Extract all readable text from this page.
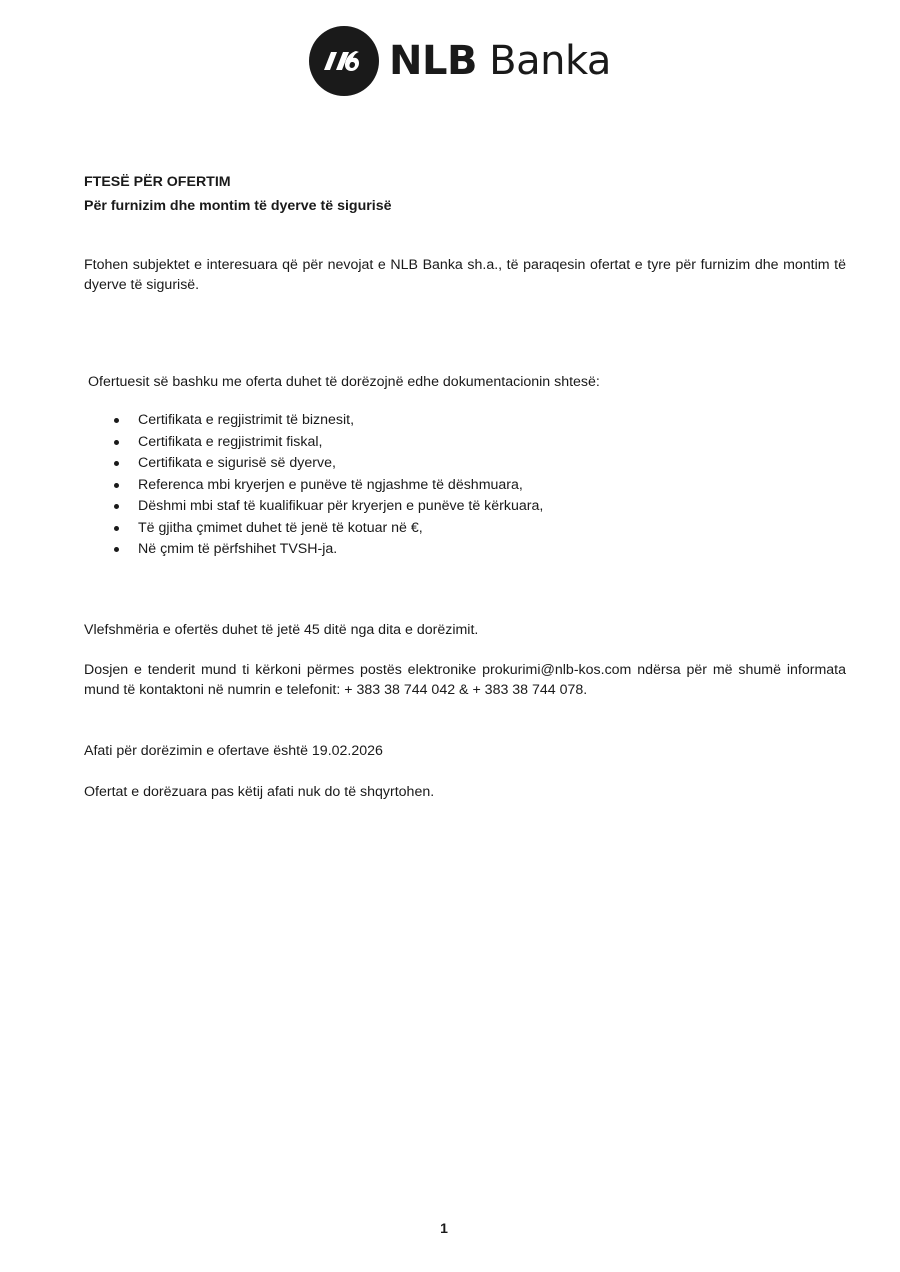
NLB Banka
FTESË PËR OFERTIM
Për furnizim dhe montim të dyerve të sigurisë
Ftohen subjektet e interesuara që për nevojat e NLB Banka sh.a., të paraqesin ofertat e tyre për furnizim dhe montim të dyerve të sigurisë.
Ofertuesit së bashku me oferta duhet të dorëzojnë edhe dokumentacionin shtesë:
Certifikata e regjistrimit të biznesit,
Certifikata e regjistrimit fiskal,
Certifikata e sigurisë së dyerve,
Referenca mbi kryerjen e punëve të ngjashme të dëshmuara,
Dëshmi mbi staf të kualifikuar për kryerjen e punëve të kërkuara,
Të gjitha çmimet duhet të jenë të kotuar në €,
Në çmim të përfshihet TVSH-ja.
Vlefshmëria e ofertës duhet të jetë 45 ditë nga dita e dorëzimit.
Dosjen e tenderit mund ti kërkoni përmes postës elektronike prokurimi@nlb-kos.com ndërsa për më shumë informata mund të kontaktoni në numrin e telefonit: + 383 38 744 042 & + 383 38 744 078.
Afati për dorëzimin e ofertave është 19.02.2026
Ofertat e dorëzuara pas këtij afati nuk do të shqyrtohen.
1
